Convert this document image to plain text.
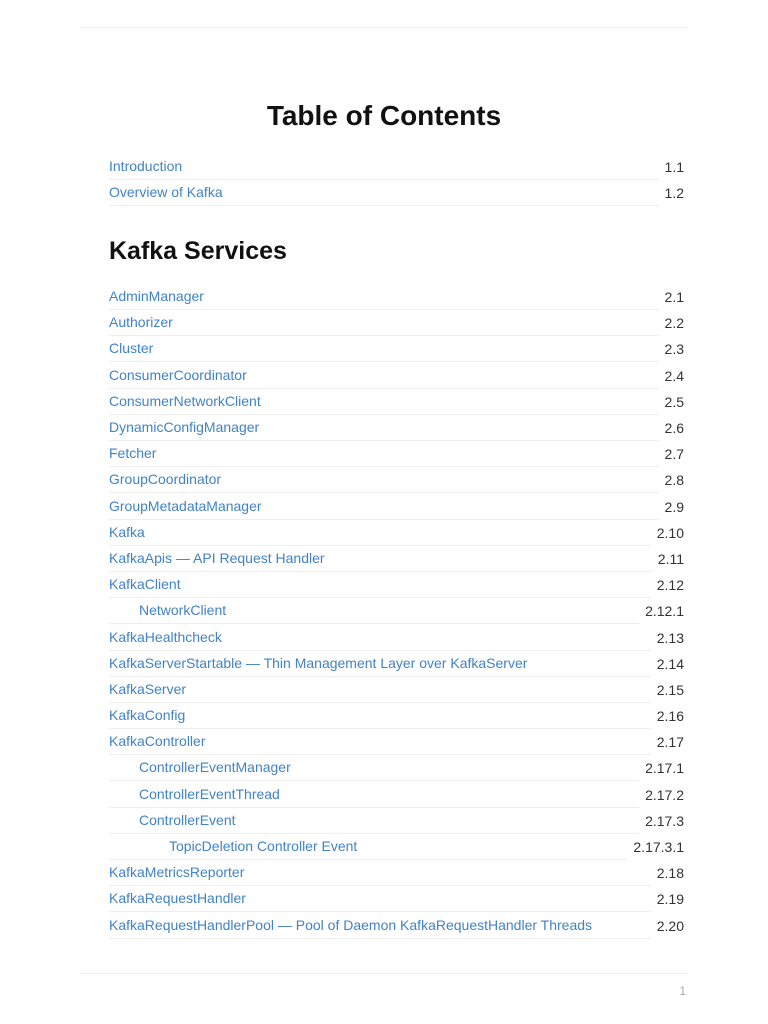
Table of Contents
Introduction	1.1
Overview of Kafka	1.2
Kafka Services
AdminManager	2.1
Authorizer	2.2
Cluster	2.3
ConsumerCoordinator	2.4
ConsumerNetworkClient	2.5
DynamicConfigManager	2.6
Fetcher	2.7
GroupCoordinator	2.8
GroupMetadataManager	2.9
Kafka	2.10
KafkaApis — API Request Handler	2.11
KafkaClient	2.12
NetworkClient	2.12.1
KafkaHealthcheck	2.13
KafkaServerStartable — Thin Management Layer over KafkaServer	2.14
KafkaServer	2.15
KafkaConfig	2.16
KafkaController	2.17
ControllerEventManager	2.17.1
ControllerEventThread	2.17.2
ControllerEvent	2.17.3
TopicDeletion Controller Event	2.17.3.1
KafkaMetricsReporter	2.18
KafkaRequestHandler	2.19
KafkaRequestHandlerPool — Pool of Daemon KafkaRequestHandler Threads	2.20
1
